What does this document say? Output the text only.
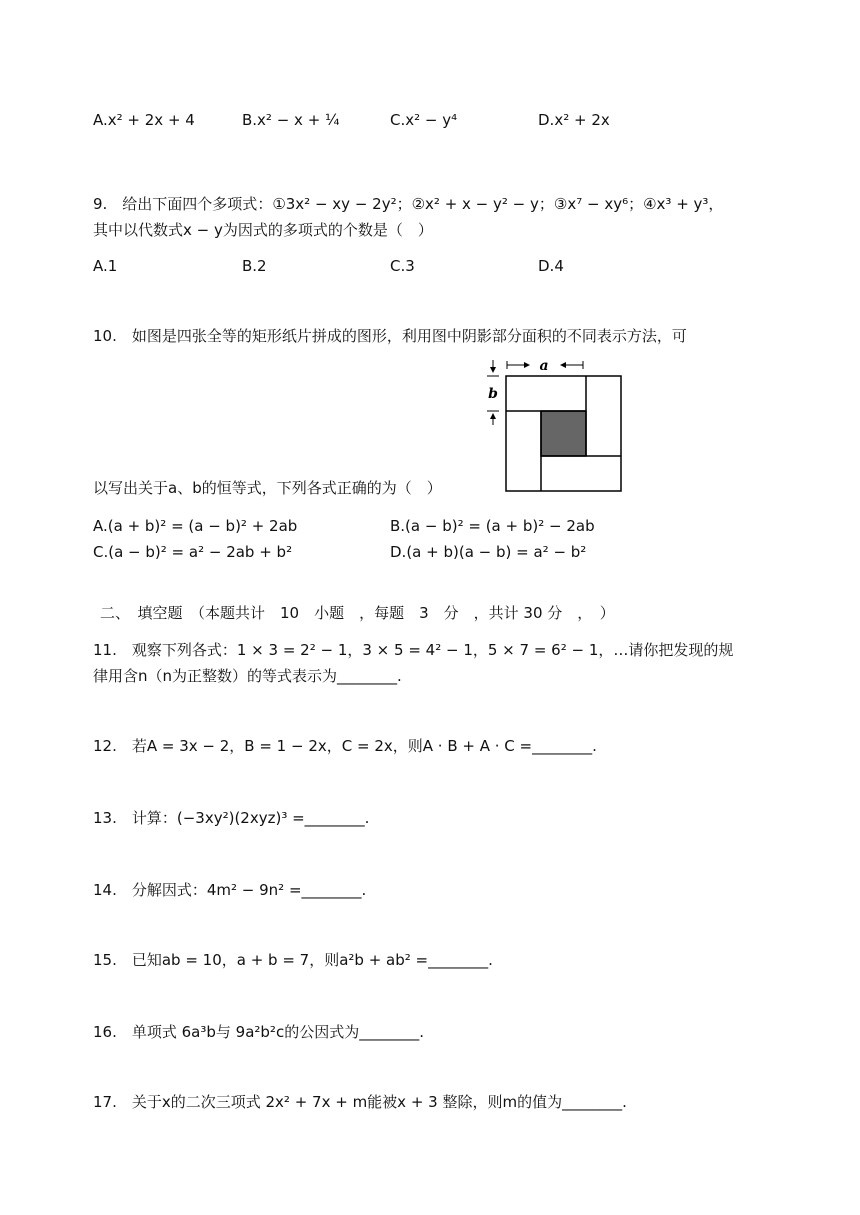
A.x² + 2x + 4	B.x² − x + ¼	C.x² − y⁴	D.x² + 2x
9.　给出下面四个多项式：①3x² − xy − 2y²；②x² + x − y² − y；③x⁷ − xy⁶；④x³ + y³，
其中以代数式x − y为因式的多项式的个数是（　）
A.1	B.2	C.3	D.4
10.　如图是四张全等的矩形纸片拼成的图形，利用图中阴影部分面积的不同表示方法，可
a
b
以写出关于a、b的恒等式，下列各式正确的为（　）
A.(a + b)² = (a − b)² + 2ab	B.(a − b)² = (a + b)² − 2ab
C.(a − b)² = a² − 2ab + b²	D.(a + b)(a − b) = a² − b²
二、　填空题　（本题共计　10　小题　，每题　3　分　，共计 30 分　，　）
11.　观察下列各式：1 × 3 = 2² − 1，3 × 5 = 4² − 1，5 × 7 = 6² − 1，…请你把发现的规
律用含n（n为正整数）的等式表示为________.
12.　若A = 3x − 2，B = 1 − 2x，C = 2x，则A · B + A · C =________.
13.　计算：(−3xy²)(2xyz)³ =________.
14.　分解因式：4m² − 9n² =________.
15.　已知ab = 10，a + b = 7，则a²b + ab² =________.
16.　单项式 6a³b与 9a²b²c的公因式为________.
17.　关于x的二次三项式 2x² + 7x + m能被x + 3 整除，则m的值为________.
